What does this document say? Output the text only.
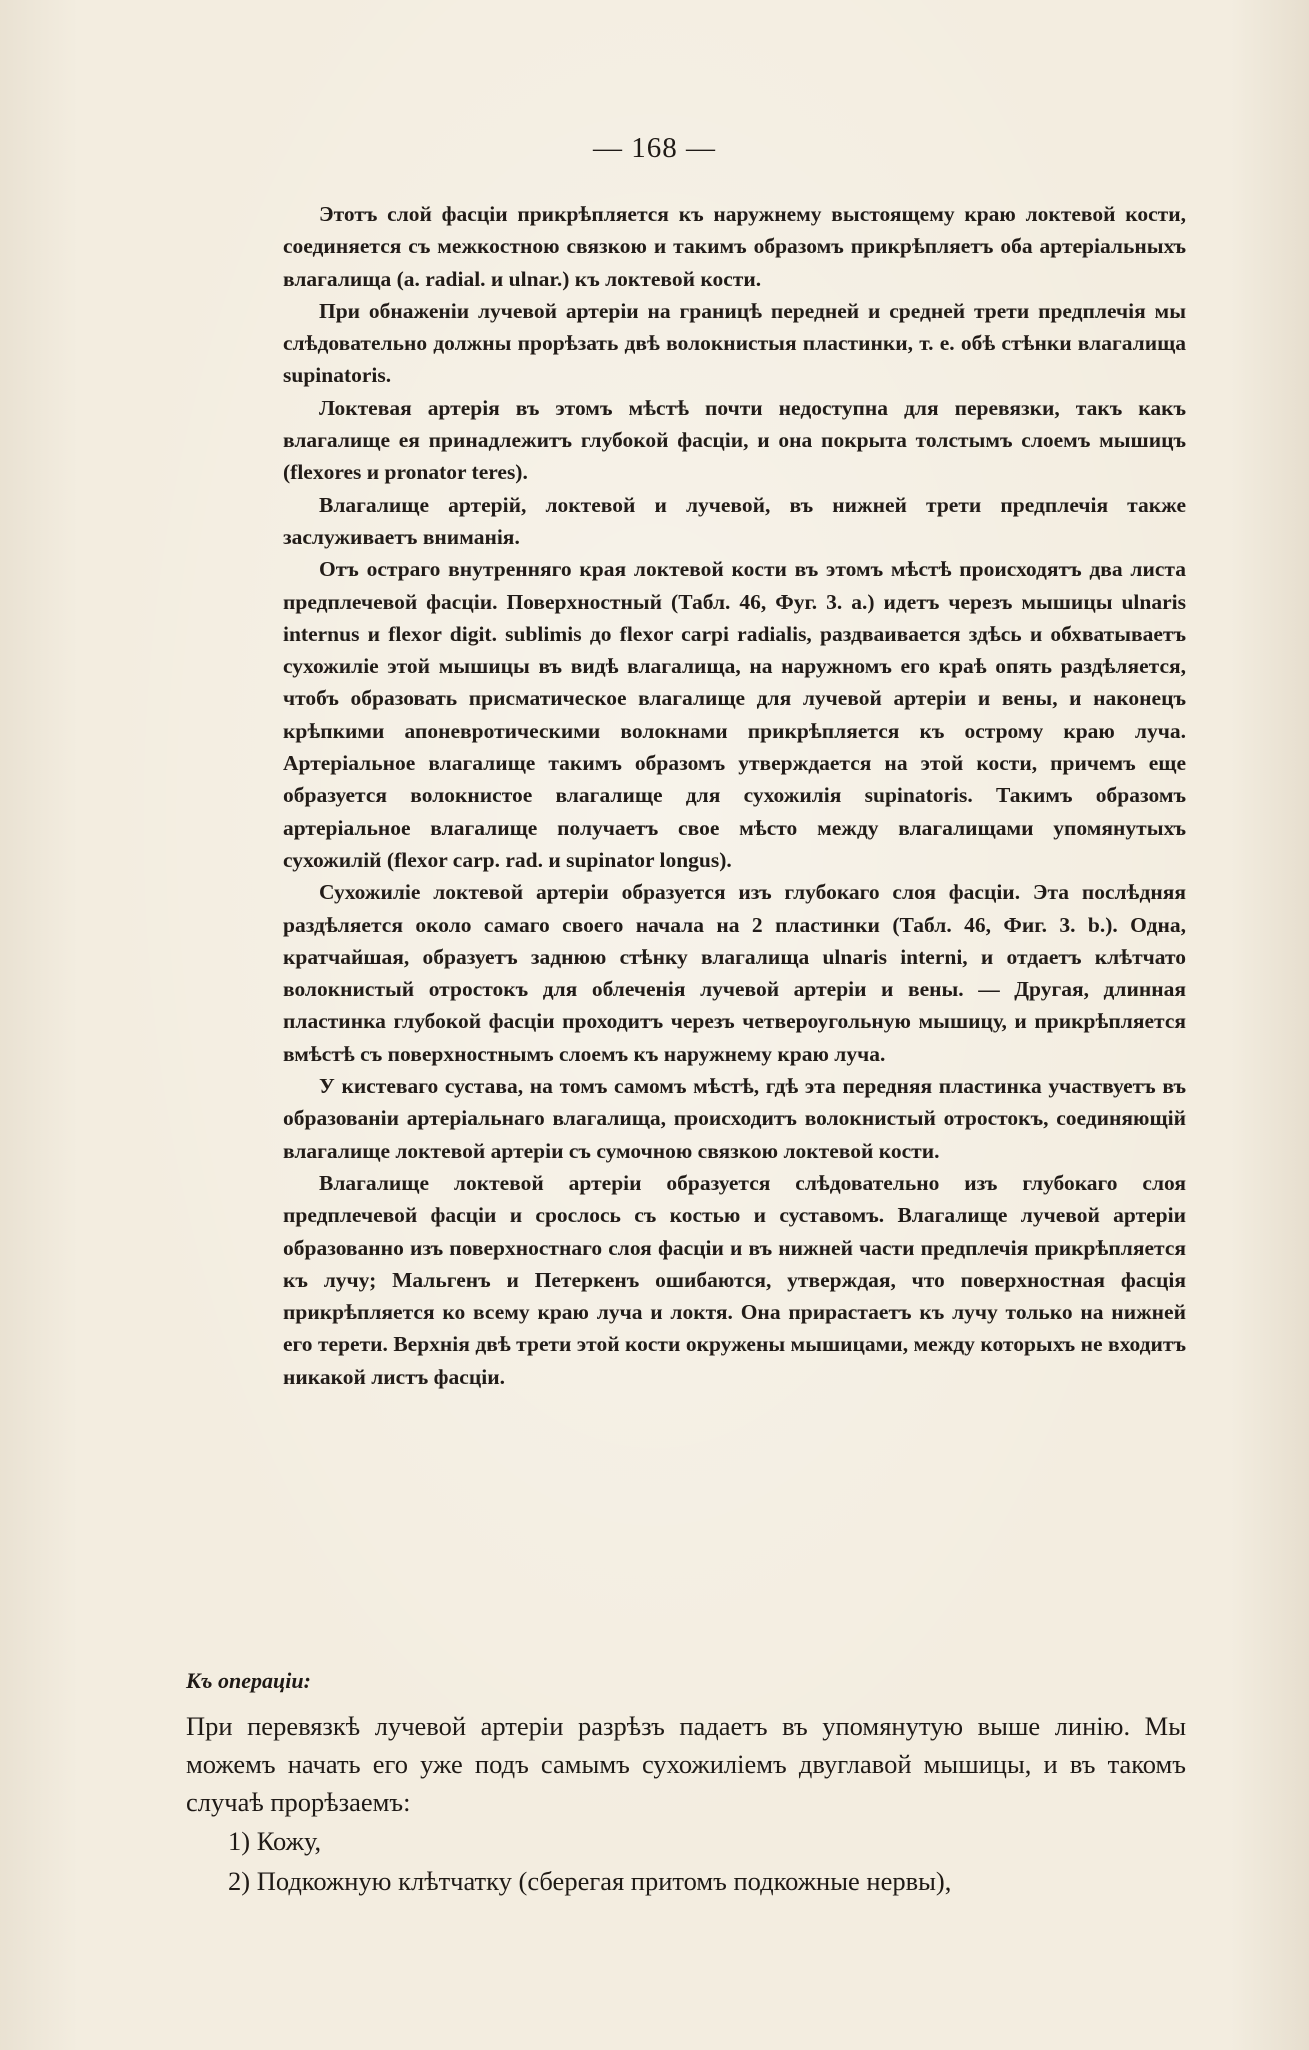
— 168 —

Этотъ слой фасціи прикрѣпляется къ наружнему выстоящему краю локтевой кости, соединяется съ межкостною связкою и такимъ образомъ прикрѣпляетъ оба артеріальныхъ влагалища (a. radial. и ulnar.) къ локтевой кости.

При обнаженіи лучевой артеріи на границѣ передней и средней трети предплечія мы слѣдовательно должны прорѣзать двѣ волокнистыя пластинки, т. е. обѣ стѣнки влагалища supinatoris.

Локтевая артерія въ этомъ мѣстѣ почти недоступна для перевязки, такъ какъ влагалище ея принадлежитъ глубокой фасціи, и она покрыта толстымъ слоемъ мышицъ (flexores и pronator teres).

Влагалище артерій, локтевой и лучевой, въ нижней трети предплечія также заслуживаетъ вниманія.

Отъ остраго внутренняго края локтевой кости въ этомъ мѣстѣ происходятъ два листа предплечевой фасціи. Поверхностный (Табл. 46, Фуг. 3. a.) идетъ черезъ мышицы ulnaris internus и flexor digit. sublimis до flexor carpi radialis, раздваивается здѣсь и обхватываетъ сухожиліе этой мышицы въ видѣ влагалища, на наружномъ его краѣ опять раздѣляется, чтобъ образовать присматическое влагалище для лучевой артеріи и вены, и наконецъ крѣпкими апоневротическими волокнами прикрѣпляется къ острому краю луча. Артеріальное влагалище такимъ образомъ утверждается на этой кости, причемъ еще образуется волокнистое влагалище для сухожилія supinatoris. Такимъ образомъ артеріальное влагалище получаетъ свое мѣсто между влагалищами упомянутыхъ сухожилій (flexor carp. rad. и supinator longus).

Сухожиліе локтевой артеріи образуется изъ глубокаго слоя фасціи. Эта послѣдняя раздѣляется около самаго своего начала на 2 пластинки (Табл. 46, Фиг. 3. b.). Одна, кратчайшая, образуетъ заднюю стѣнку влагалища ulnaris interni, и отдаетъ клѣтчато волокнистый отростокъ для облеченія лучевой артеріи и вены. — Другая, длинная пластинка глубокой фасціи проходитъ черезъ четвероугольную мышицу, и прикрѣпляется вмѣстѣ съ поверхностнымъ слоемъ къ наружнему краю луча.

У кистеваго сустава, на томъ самомъ мѣстѣ, гдѣ эта передняя пластинка участвуетъ въ образованіи артеріальнаго влагалища, происходитъ волокнистый отростокъ, соединяющій влагалище локтевой артеріи съ сумочною связкою локтевой кости.

Влагалище локтевой артеріи образуется слѣдовательно изъ глубокаго слоя предплечевой фасціи и срослось съ костью и суставомъ. Влагалище лучевой артеріи образованно изъ поверхностнаго слоя фасціи и въ нижней части предплечія прикрѣпляется къ лучу; Мальгенъ и Петеркенъ ошибаются, утверждая, что поверхностная фасція прикрѣпляется ко всему краю луча и локтя. Она прирастаетъ къ лучу только на нижней его терети. Верхнія двѣ трети этой кости окружены мышицами, между которыхъ не входитъ никакой листъ фасціи.

Къ операціи:

При перевязкѣ лучевой артеріи разрѣзъ падаетъ въ упомянутую выше линію. Мы можемъ начать его уже подъ самымъ сухожиліемъ двуглавой мышицы, и въ такомъ случаѣ прорѣзаемъ:

1) Кожу,
2) Подкожную клѣтчатку (сберегая притомъ подкожные нервы),
